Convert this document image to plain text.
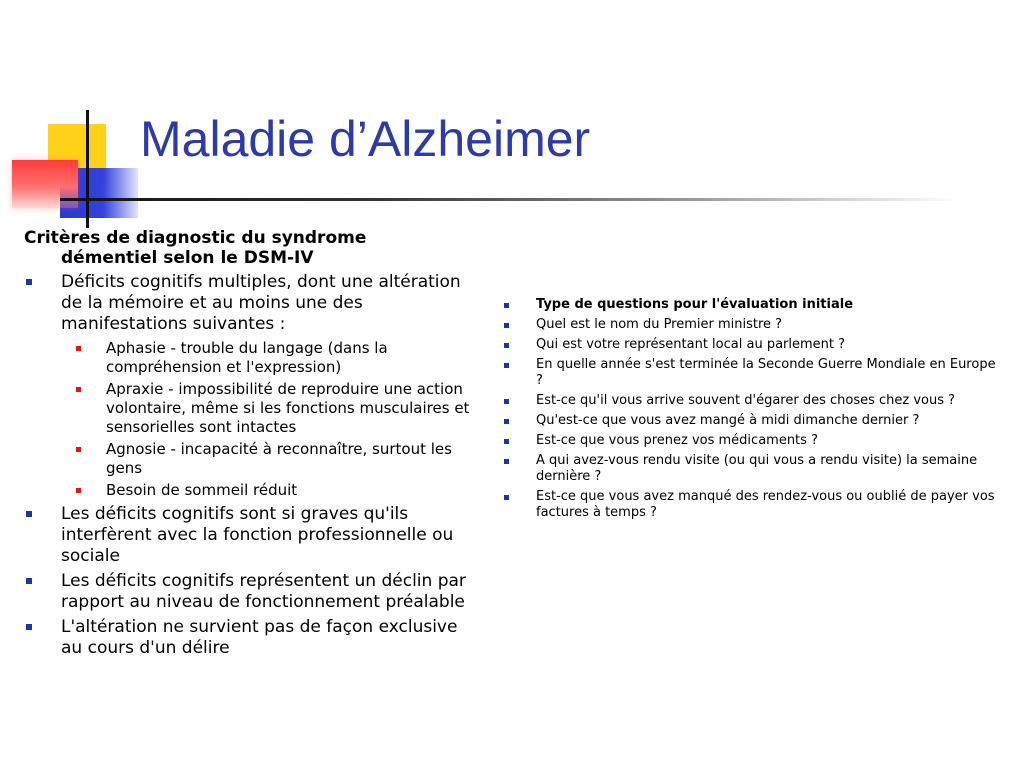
Maladie d’Alzheimer
Critères de diagnostic du syndrome
démentiel selon le DSM-IV
Déficits cognitifs multiples, dont une altération de la mémoire et au moins une des manifestations suivantes :
Aphasie - trouble du langage (dans la compréhension et l'expression)
Apraxie - impossibilité de reproduire une action volontaire, même si les fonctions musculaires et sensorielles sont intactes
Agnosie - incapacité à reconnaître, surtout les gens
Besoin de sommeil réduit
Les déficits cognitifs sont si graves qu'ils interfèrent avec la fonction professionnelle ou sociale
Les déficits cognitifs représentent un déclin par rapport au niveau de fonctionnement préalable
L'altération ne survient pas de façon exclusive au cours d'un délire
Type de questions pour l'évaluation initiale
Quel est le nom du Premier ministre ?
Qui est votre représentant local au parlement ?
En quelle année s'est terminée la Seconde Guerre Mondiale en Europe ?
Est-ce qu'il vous arrive souvent d'égarer des choses chez vous ?
Qu'est-ce que vous avez mangé à midi dimanche dernier ?
Est-ce que vous prenez vos médicaments ?
A qui avez-vous rendu visite (ou qui vous a rendu visite) la semaine dernière ?
Est-ce que vous avez manqué des rendez-vous ou oublié de payer vos factures à temps ?
